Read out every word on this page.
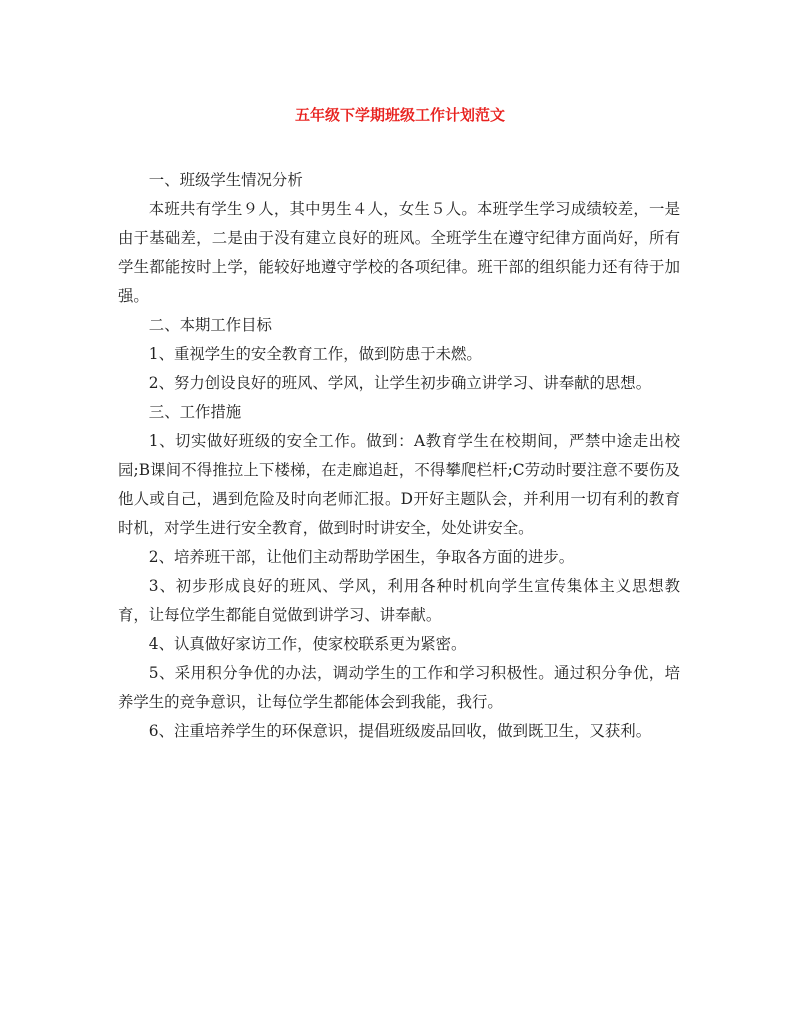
五年级下学期班级工作计划范文

一、班级学生情况分析

本班共有学生９人，其中男生４人，女生５人。本班学生学习成绩较差，一是由于基础差，二是由于没有建立良好的班风。全班学生在遵守纪律方面尚好，所有学生都能按时上学，能较好地遵守学校的各项纪律。班干部的组织能力还有待于加强。

二、本期工作目标

1、重视学生的安全教育工作，做到防患于未燃。

2、努力创设良好的班风、学风，让学生初步确立讲学习、讲奉献的思想。

三、工作措施

1、切实做好班级的安全工作。做到：A教育学生在校期间，严禁中途走出校园;B课间不得推拉上下楼梯，在走廊追赶，不得攀爬栏杆;C劳动时要注意不要伤及他人或自己，遇到危险及时向老师汇报。D开好主题队会，并利用一切有利的教育时机，对学生进行安全教育，做到时时讲安全，处处讲安全。

2、培养班干部，让他们主动帮助学困生，争取各方面的进步。

3、初步形成良好的班风、学风，利用各种时机向学生宣传集体主义思想教育，让每位学生都能自觉做到讲学习、讲奉献。

4、认真做好家访工作，使家校联系更为紧密。

5、采用积分争优的办法，调动学生的工作和学习积极性。通过积分争优，培养学生的竞争意识，让每位学生都能体会到我能，我行。

6、注重培养学生的环保意识，提倡班级废品回收，做到既卫生，又获利。
